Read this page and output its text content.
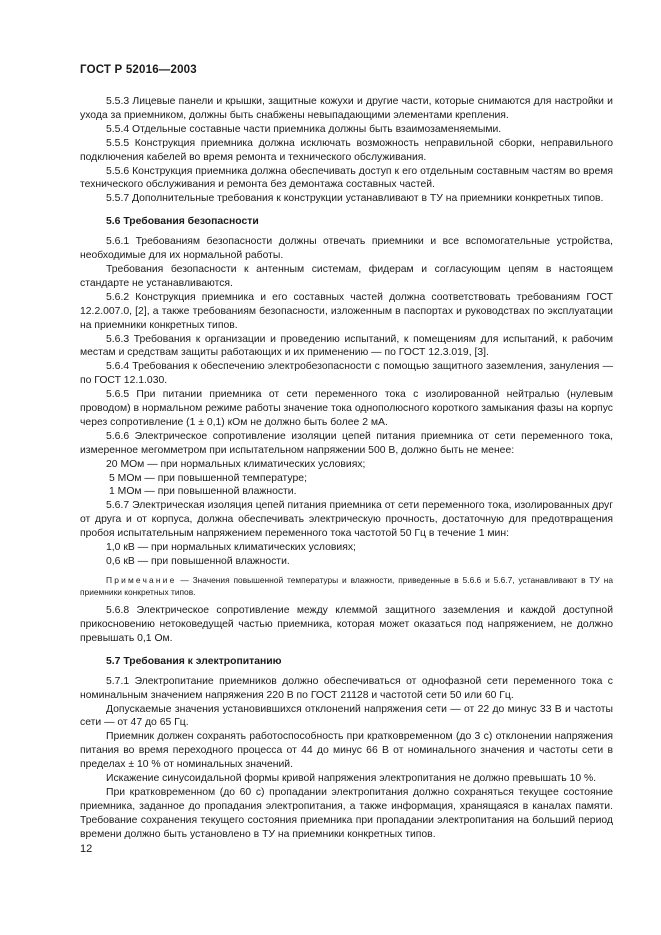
ГОСТ Р 52016—2003

5.5.3 Лицевые панели и крышки, защитные кожухи и другие части, которые снимаются для настройки и ухода за приемником, должны быть снабжены невыпадающими элементами крепления.

5.5.4 Отдельные составные части приемника должны быть взаимозаменяемыми.

5.5.5 Конструкция приемника должна исключать возможность неправильной сборки, неправильного подключения кабелей во время ремонта и технического обслуживания.

5.5.6 Конструкция приемника должна обеспечивать доступ к его отдельным составным частям во время технического обслуживания и ремонта без демонтажа составных частей.

5.5.7 Дополнительные требования к конструкции устанавливают в ТУ на приемники конкретных типов.

5.6 Требования безопасности

5.6.1 Требованиям безопасности должны отвечать приемники и все вспомогательные устройства, необходимые для их нормальной работы.

Требования безопасности к антенным системам, фидерам и согласующим цепям в настоящем стандарте не устанавливаются.

5.6.2 Конструкция приемника и его составных частей должна соответствовать требованиям ГОСТ 12.2.007.0, [2], а также требованиям безопасности, изложенным в паспортах и руководствах по эксплуатации на приемники конкретных типов.

5.6.3 Требования к организации и проведению испытаний, к помещениям для испытаний, к рабочим местам и средствам защиты работающих и их применению — по ГОСТ 12.3.019, [3].

5.6.4 Требования к обеспечению электробезопасности с помощью защитного заземления, зануления — по ГОСТ 12.1.030.

5.6.5 При питании приемника от сети переменного тока с изолированной нейтралью (нулевым проводом) в нормальном режиме работы значение тока однополюсного короткого замыкания фазы на корпус через сопротивление (1 ± 0,1) кОм не должно быть более 2 мА.

5.6.6 Электрическое сопротивление изоляции цепей питания приемника от сети переменного тока, измеренное мегомметром при испытательном напряжении 500 В, должно быть не менее:

20 МОм — при нормальных климатических условиях;

5 МОм — при повышенной температуре;

1 МОм — при повышенной влажности.

5.6.7 Электрическая изоляция цепей питания приемника от сети переменного тока, изолированных друг от друга и от корпуса, должна обеспечивать электрическую прочность, достаточную для предотвращения пробоя испытательным напряжением переменного тока частотой 50 Гц в течение 1 мин:

1,0 кВ — при нормальных климатических условиях;

0,6 кВ — при повышенной влажности.

Примечание — Значения повышенной температуры и влажности, приведенные в 5.6.6 и 5.6.7, устанавливают в ТУ на приемники конкретных типов.

5.6.8 Электрическое сопротивление между клеммой защитного заземления и каждой доступной прикосновению нетоковедущей частью приемника, которая может оказаться под напряжением, не должно превышать 0,1 Ом.

5.7 Требования к электропитанию

5.7.1 Электропитание приемников должно обеспечиваться от однофазной сети переменного тока с номинальным значением напряжения 220 В по ГОСТ 21128 и частотой сети 50 или 60 Гц.

Допускаемые значения установившихся отклонений напряжения сети — от 22 до минус 33 В и частоты сети — от 47 до 65 Гц.

Приемник должен сохранять работоспособность при кратковременном (до 3 с) отклонении напряжения питания во время переходного процесса от 44 до минус 66 В от номинального значения и частоты сети в пределах ± 10 % от номинальных значений.

Искажение синусоидальной формы кривой напряжения электропитания не должно превышать 10 %.

При кратковременном (до 60 с) пропадании электропитания должно сохраняться текущее состояние приемника, заданное до пропадания электропитания, а также информация, хранящаяся в каналах памяти. Требование сохранения текущего состояния приемника при пропадании электропитания на больший период времени должно быть установлено в ТУ на приемники конкретных типов.

12
